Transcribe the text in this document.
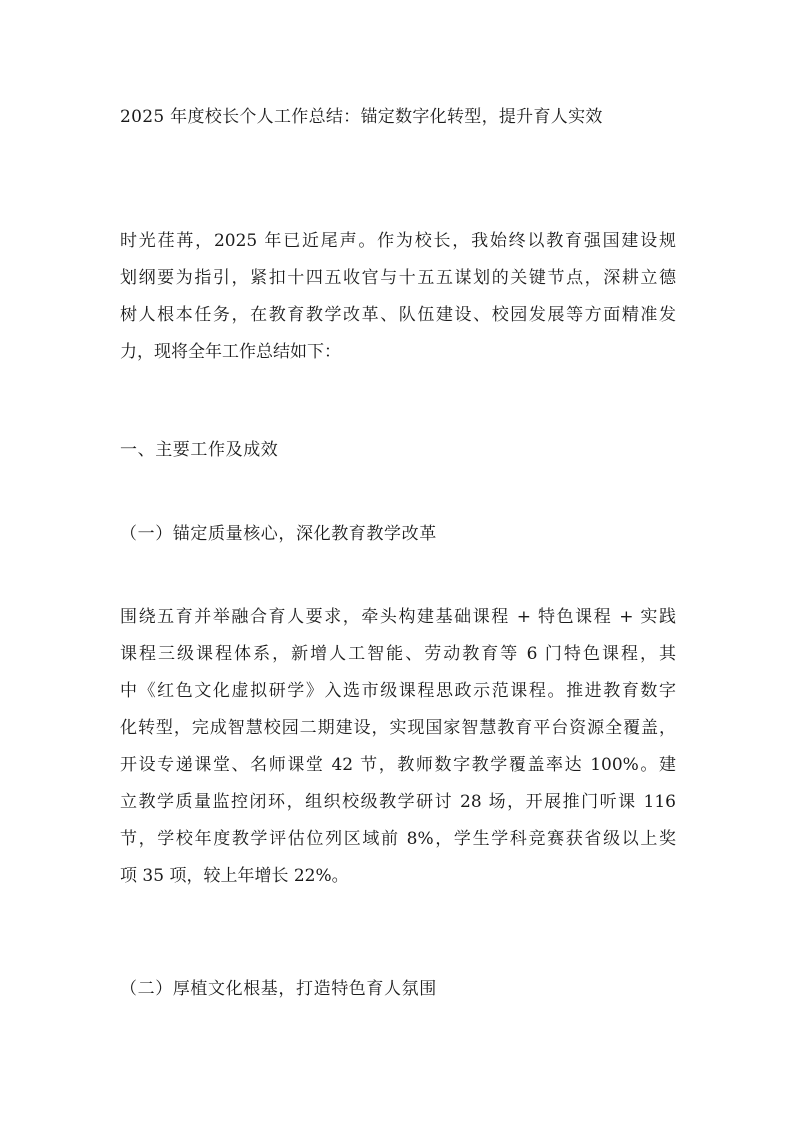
2025 年度校长个人工作总结：锚定数字化转型，提升育人实效
时光荏苒，2025 年已近尾声。作为校长，我始终以教育强国建设规
划纲要为指引，紧扣十四五收官与十五五谋划的关键节点，深耕立德
树人根本任务，在教育教学改革、队伍建设、校园发展等方面精准发
力，现将全年工作总结如下：
一、主要工作及成效
（一）锚定质量核心，深化教育教学改革
围绕五育并举融合育人要求，牵头构建基础课程 + 特色课程 + 实践
课程三级课程体系，新增人工智能、劳动教育等 6 门特色课程，其
中《红色文化虚拟研学》入选市级课程思政示范课程。推进教育数字
化转型，完成智慧校园二期建设，实现国家智慧教育平台资源全覆盖，
开设专递课堂、名师课堂 42 节，教师数字教学覆盖率达 100%。建
立教学质量监控闭环，组织校级教学研讨 28 场，开展推门听课 116
节，学校年度教学评估位列区域前 8%，学生学科竞赛获省级以上奖
项 35 项，较上年增长 22%。
（二）厚植文化根基，打造特色育人氛围
